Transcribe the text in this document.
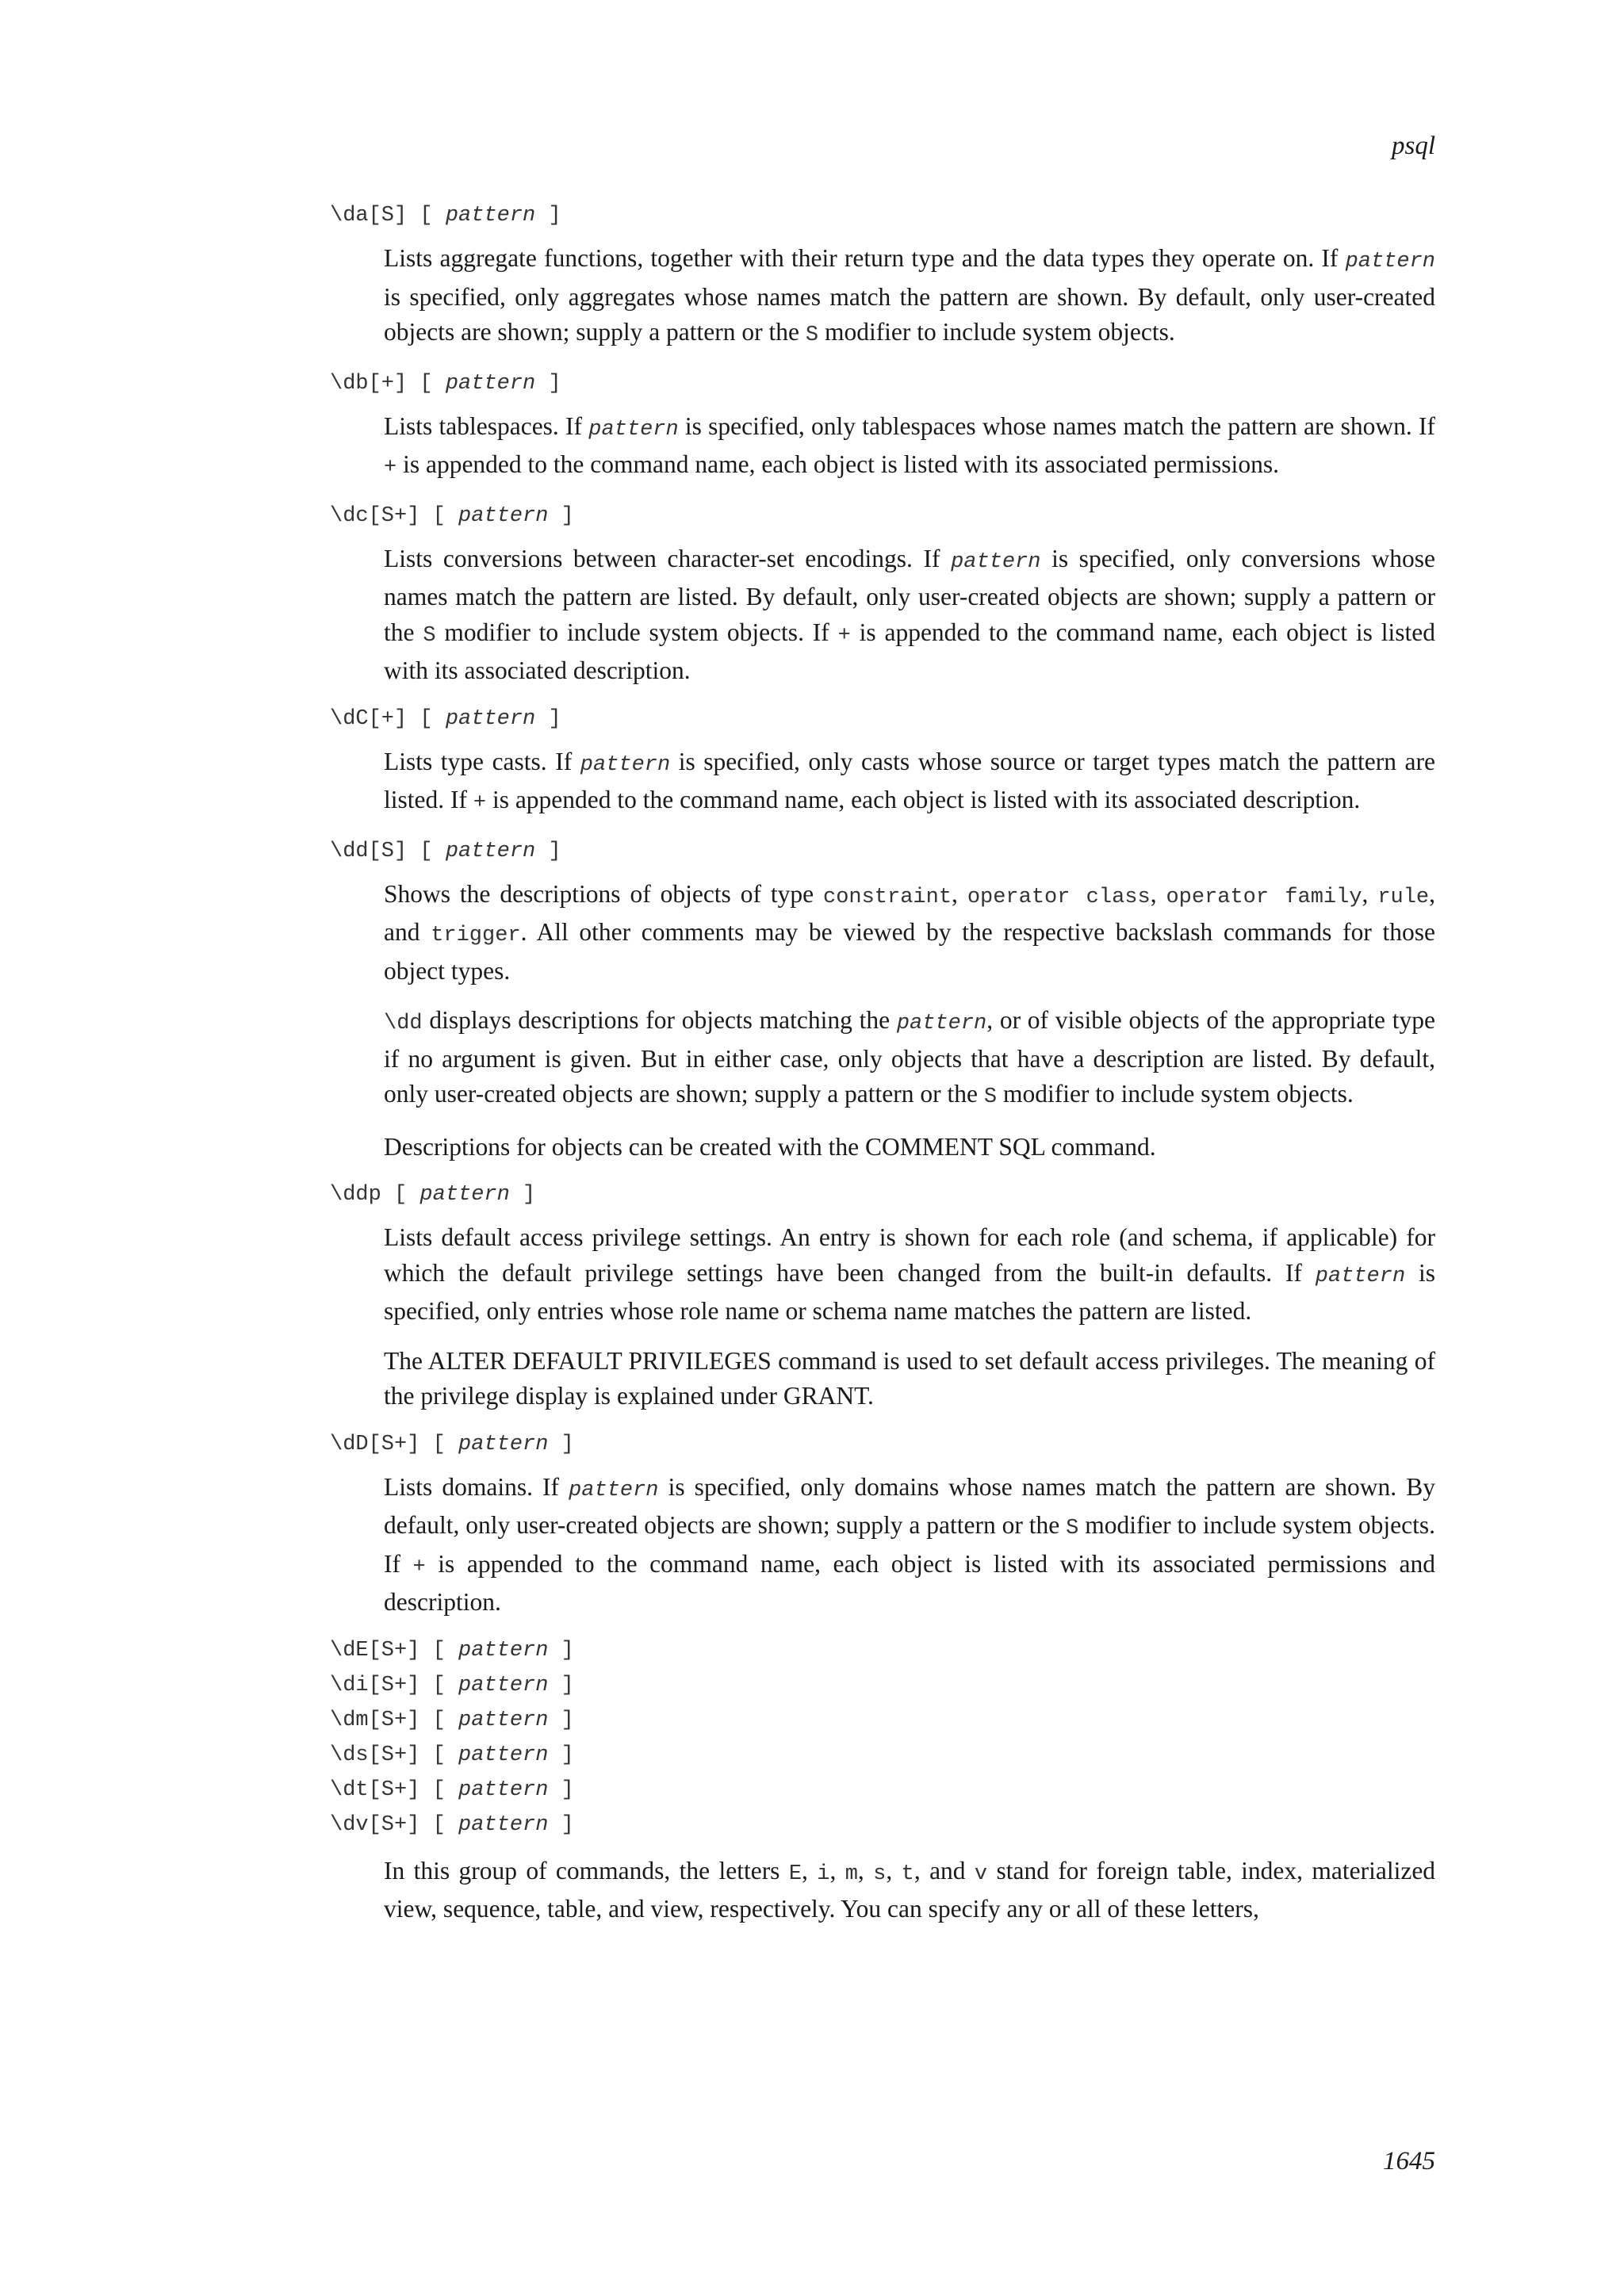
psql
\da[S] [ pattern ]

Lists aggregate functions, together with their return type and the data types they operate on. If pattern is specified, only aggregates whose names match the pattern are shown. By default, only user-created objects are shown; supply a pattern or the S modifier to include system objects.

\db[+] [ pattern ]

Lists tablespaces. If pattern is specified, only tablespaces whose names match the pattern are shown. If + is appended to the command name, each object is listed with its associated permissions.

\dc[S+] [ pattern ]

Lists conversions between character-set encodings. If pattern is specified, only conversions whose names match the pattern are listed. By default, only user-created objects are shown; supply a pattern or the S modifier to include system objects. If + is appended to the command name, each object is listed with its associated description.

\dC[+] [ pattern ]

Lists type casts. If pattern is specified, only casts whose source or target types match the pattern are listed. If + is appended to the command name, each object is listed with its associated description.

\dd[S] [ pattern ]

Shows the descriptions of objects of type constraint, operator class, operator family, rule, and trigger. All other comments may be viewed by the respective backslash commands for those object types.

\dd displays descriptions for objects matching the pattern, or of visible objects of the appropriate type if no argument is given. But in either case, only objects that have a description are listed. By default, only user-created objects are shown; supply a pattern or the S modifier to include system objects.

Descriptions for objects can be created with the COMMENT SQL command.

\ddp [ pattern ]

Lists default access privilege settings. An entry is shown for each role (and schema, if applicable) for which the default privilege settings have been changed from the built-in defaults. If pattern is specified, only entries whose role name or schema name matches the pattern are listed.

The ALTER DEFAULT PRIVILEGES command is used to set default access privileges. The meaning of the privilege display is explained under GRANT.

\dD[S+] [ pattern ]

Lists domains. If pattern is specified, only domains whose names match the pattern are shown. By default, only user-created objects are shown; supply a pattern or the S modifier to include system objects. If + is appended to the command name, each object is listed with its associated permissions and description.

\dE[S+] [ pattern ]
\di[S+] [ pattern ]
\dm[S+] [ pattern ]
\ds[S+] [ pattern ]
\dt[S+] [ pattern ]
\dv[S+] [ pattern ]

In this group of commands, the letters E, i, m, s, t, and v stand for foreign table, index, materialized view, sequence, table, and view, respectively. You can specify any or all of these letters,

1645
